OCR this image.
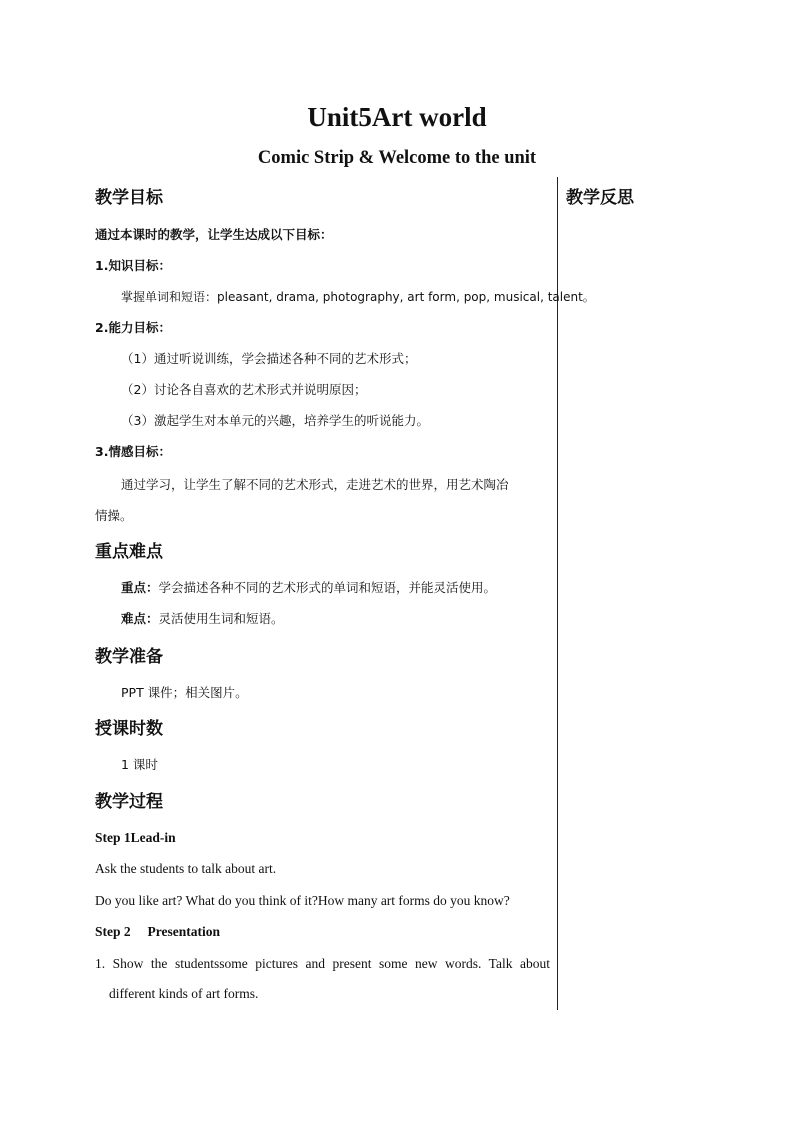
Unit5Art world
Comic Strip & Welcome to the unit
教学反思
教学目标
通过本课时的教学，让学生达成以下目标：
1.知识目标：
掌握单词和短语：pleasant, drama, photography, art form, pop, musical, talent。
2.能力目标：
（1）通过听说训练，学会描述各种不同的艺术形式；
（2）讨论各自喜欢的艺术形式并说明原因；
（3）激起学生对本单元的兴趣，培养学生的听说能力。
3.情感目标：
通过学习，让学生了解不同的艺术形式，走进艺术的世界，用艺术陶冶
情操。
重点难点
重点：学会描述各种不同的艺术形式的单词和短语，并能灵活使用。
难点：灵活使用生词和短语。
教学准备
PPT 课件；相关图片。
授课时数
1 课时
教学过程
Step 1Lead-in
Ask the students to talk about art.
Do you like art? What do you think of it?How many art forms do you know?
Step 2     Presentation
1. Show the studentssome pictures and present some new words. Talk about
different kinds of art forms.
